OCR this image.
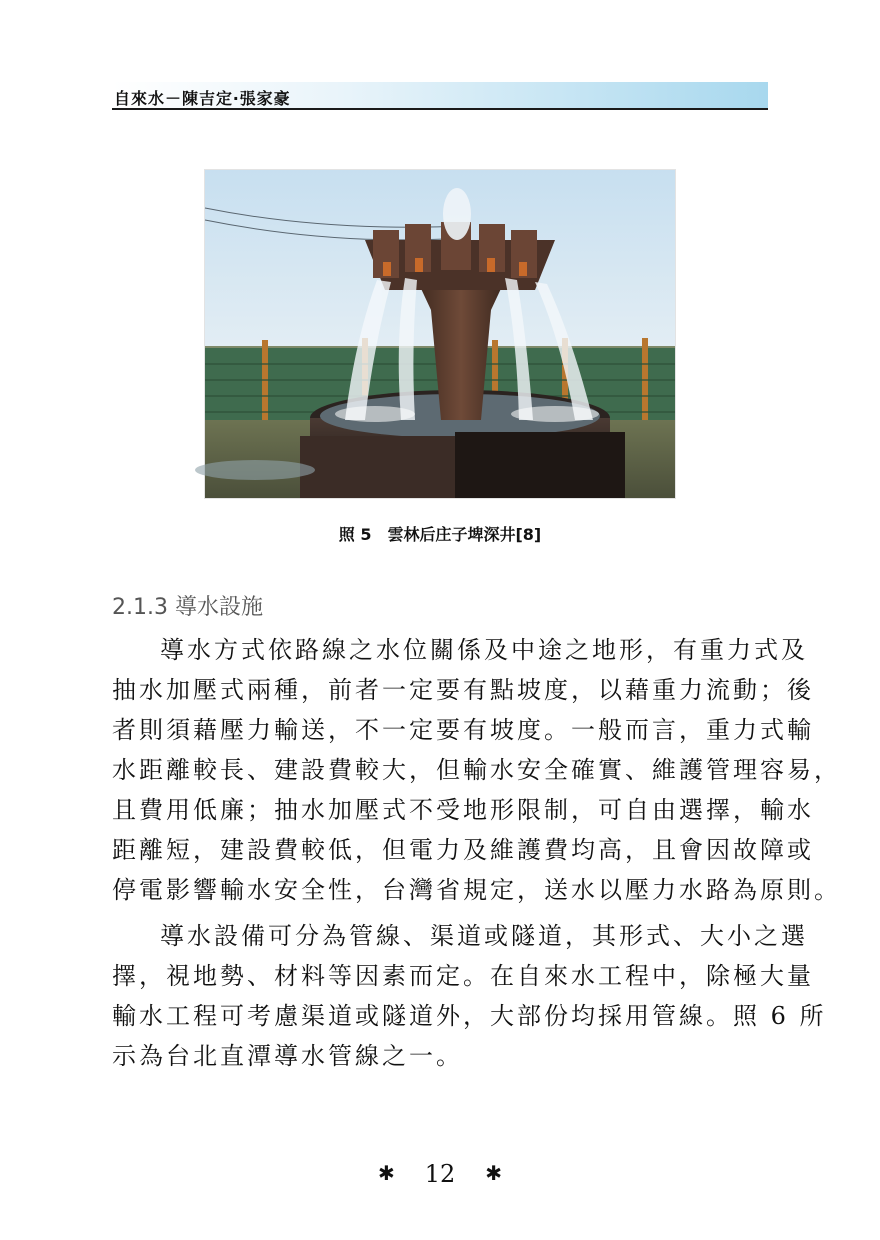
自來水－陳吉定‧張家豪
照 5　雲林后庄子埤深井[8]
2.1.3 導水設施
導水方式依路線之水位關係及中途之地形，有重力式及
抽水加壓式兩種，前者一定要有點坡度，以藉重力流動；後
者則須藉壓力輸送，不一定要有坡度。一般而言，重力式輸
水距離較長、建設費較大，但輸水安全確實、維護管理容易，
且費用低廉；抽水加壓式不受地形限制，可自由選擇，輸水
距離短，建設費較低，但電力及維護費均高，且會因故障或
停電影響輸水安全性，台灣省規定，送水以壓力水路為原則。
導水設備可分為管線、渠道或隧道，其形式、大小之選
擇，視地勢、材料等因素而定。在自來水工程中，除極大量
輸水工程可考慮渠道或隧道外，大部份均採用管線。照 6 所
示為台北直潭導水管線之一。
✱ 12 ✱
